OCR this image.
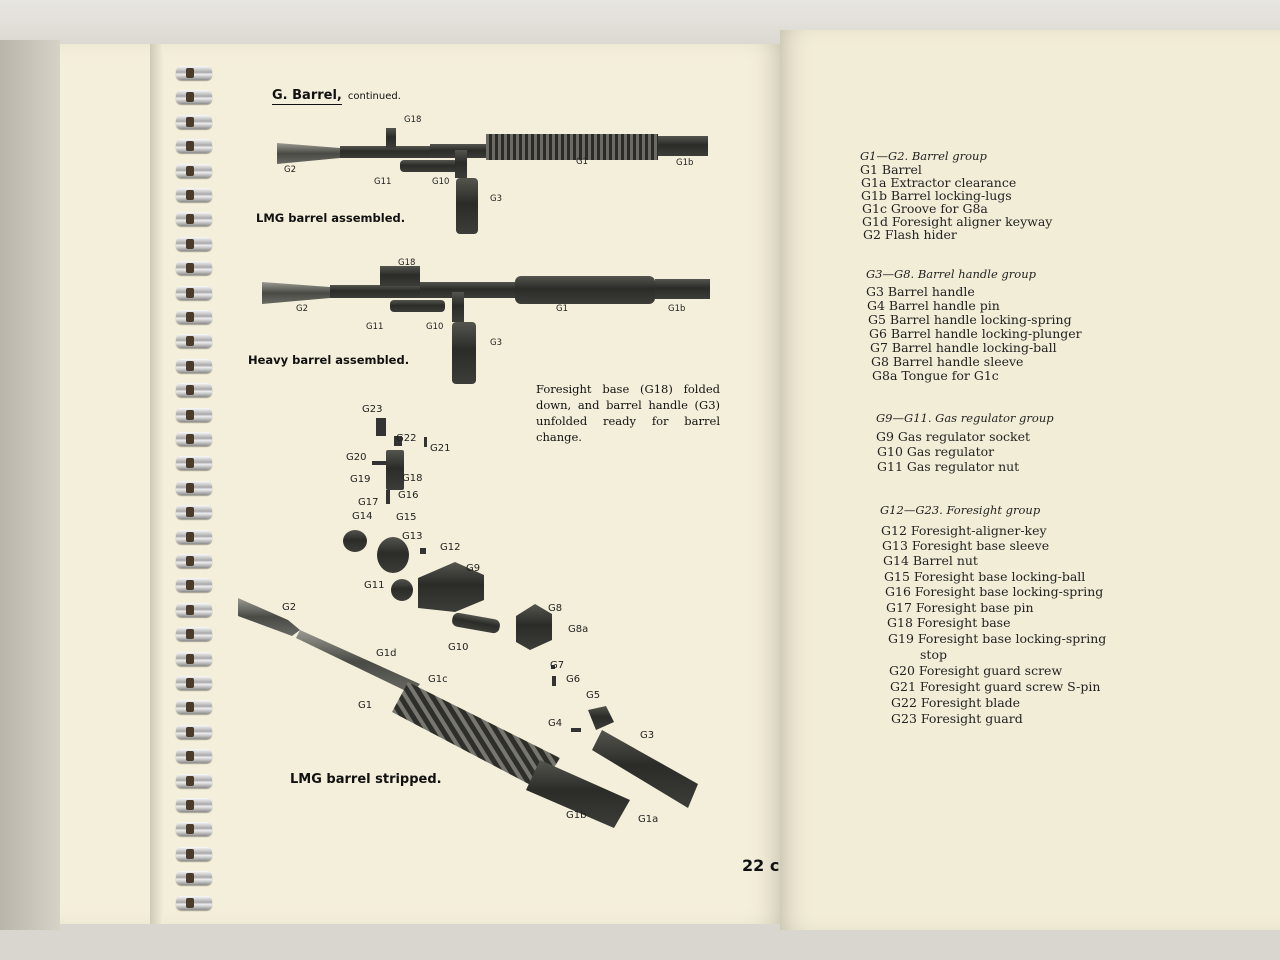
G. Barrel, continued.
G18
G2
G1	G1b
G11	G10
G3
LMG barrel assembled.
G18
G2	G1	G1b
G11	G10
G3
Heavy barrel assembled.
Foresight base (G18) folded down, and barrel handle (G3) unfolded ready for barrel change.
G23
G22
G21
G20
G19	G18
G17
G16
G14 G15
G13
G12
G11
G9
G8
G8a
G2
G10
G1d
G7
G6
G1c
G5
G1
G4
G3
G1b	G1a
LMG barrel stripped.
22 c
G1—G2. Barrel group
G1 Barrel
G1a Extractor clearance
G1b Barrel locking-lugs
G1c Groove for G8a
G1d Foresight aligner keyway
G2 Flash hider
G3—G8. Barrel handle group
G3 Barrel handle
G4 Barrel handle pin
G5 Barrel handle locking-spring
G6 Barrel handle locking-plunger
G7 Barrel handle locking-ball
G8 Barrel handle sleeve
G8a Tongue for G1c
G9—G11. Gas regulator group
G9 Gas regulator socket
G10 Gas regulator
G11 Gas regulator nut
G12—G23. Foresight group
G12 Foresight-aligner-key
G13 Foresight base sleeve
G14 Barrel nut
G15 Foresight base locking-ball
G16 Foresight base locking-spring
G17 Foresight base pin
G18 Foresight base
G19 Foresight base locking-spring
stop
G20 Foresight guard screw
G21 Foresight guard screw S-pin
G22 Foresight blade
G23 Foresight guard
